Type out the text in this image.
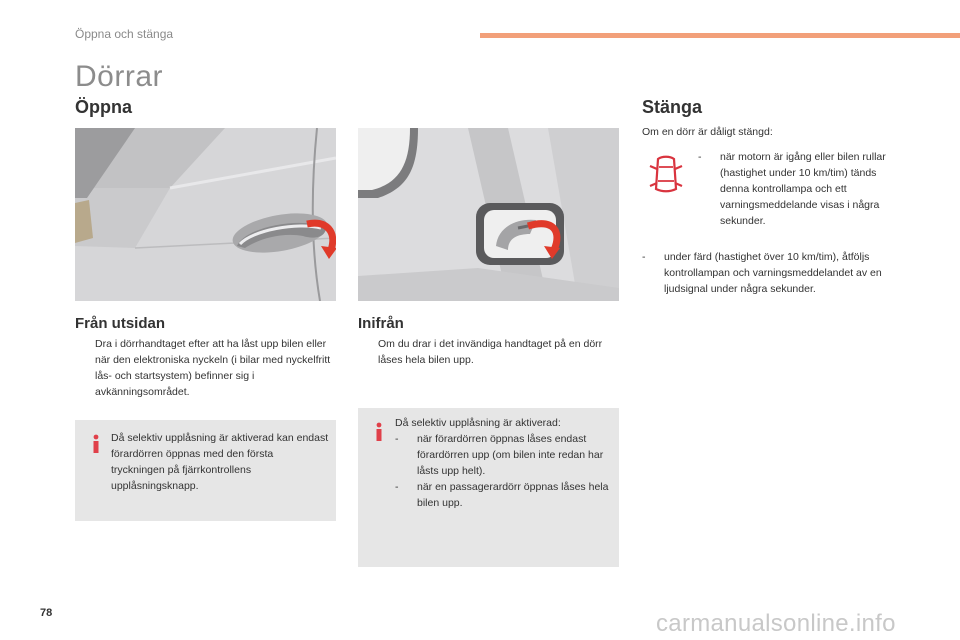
Öppna och stänga
Dörrar
Öppna
Från utsidan
Dra i dörrhandtaget efter att ha låst upp bilen eller när den elektroniska nyckeln (i bilar med nyckelfritt lås- och startsystem) befinner sig i avkänningsområdet.
Då selektiv upplåsning är aktiverad kan endast förardörren öppnas med den första tryckningen på fjärrkontrollens upplåsningsknapp.
Inifrån
Om du drar i det invändiga handtaget på en dörr låses hela bilen upp.
Då selektiv upplåsning är aktiverad:
-	när förardörren öppnas låses endast förardörren upp (om bilen inte redan har låsts upp helt).
-	när en passagerardörr öppnas låses hela bilen upp.
Stänga
Om en dörr är dåligt stängd:
-	när motorn är igång eller bilen rullar (hastighet under 10 km/tim) tänds denna kontrollampa och ett varningsmeddelande visas i några sekunder.
-	under färd (hastighet över 10 km/tim), åtföljs kontrollampan och varningsmeddelandet av en ljudsignal under några sekunder.
78	carmanualsonline.info
